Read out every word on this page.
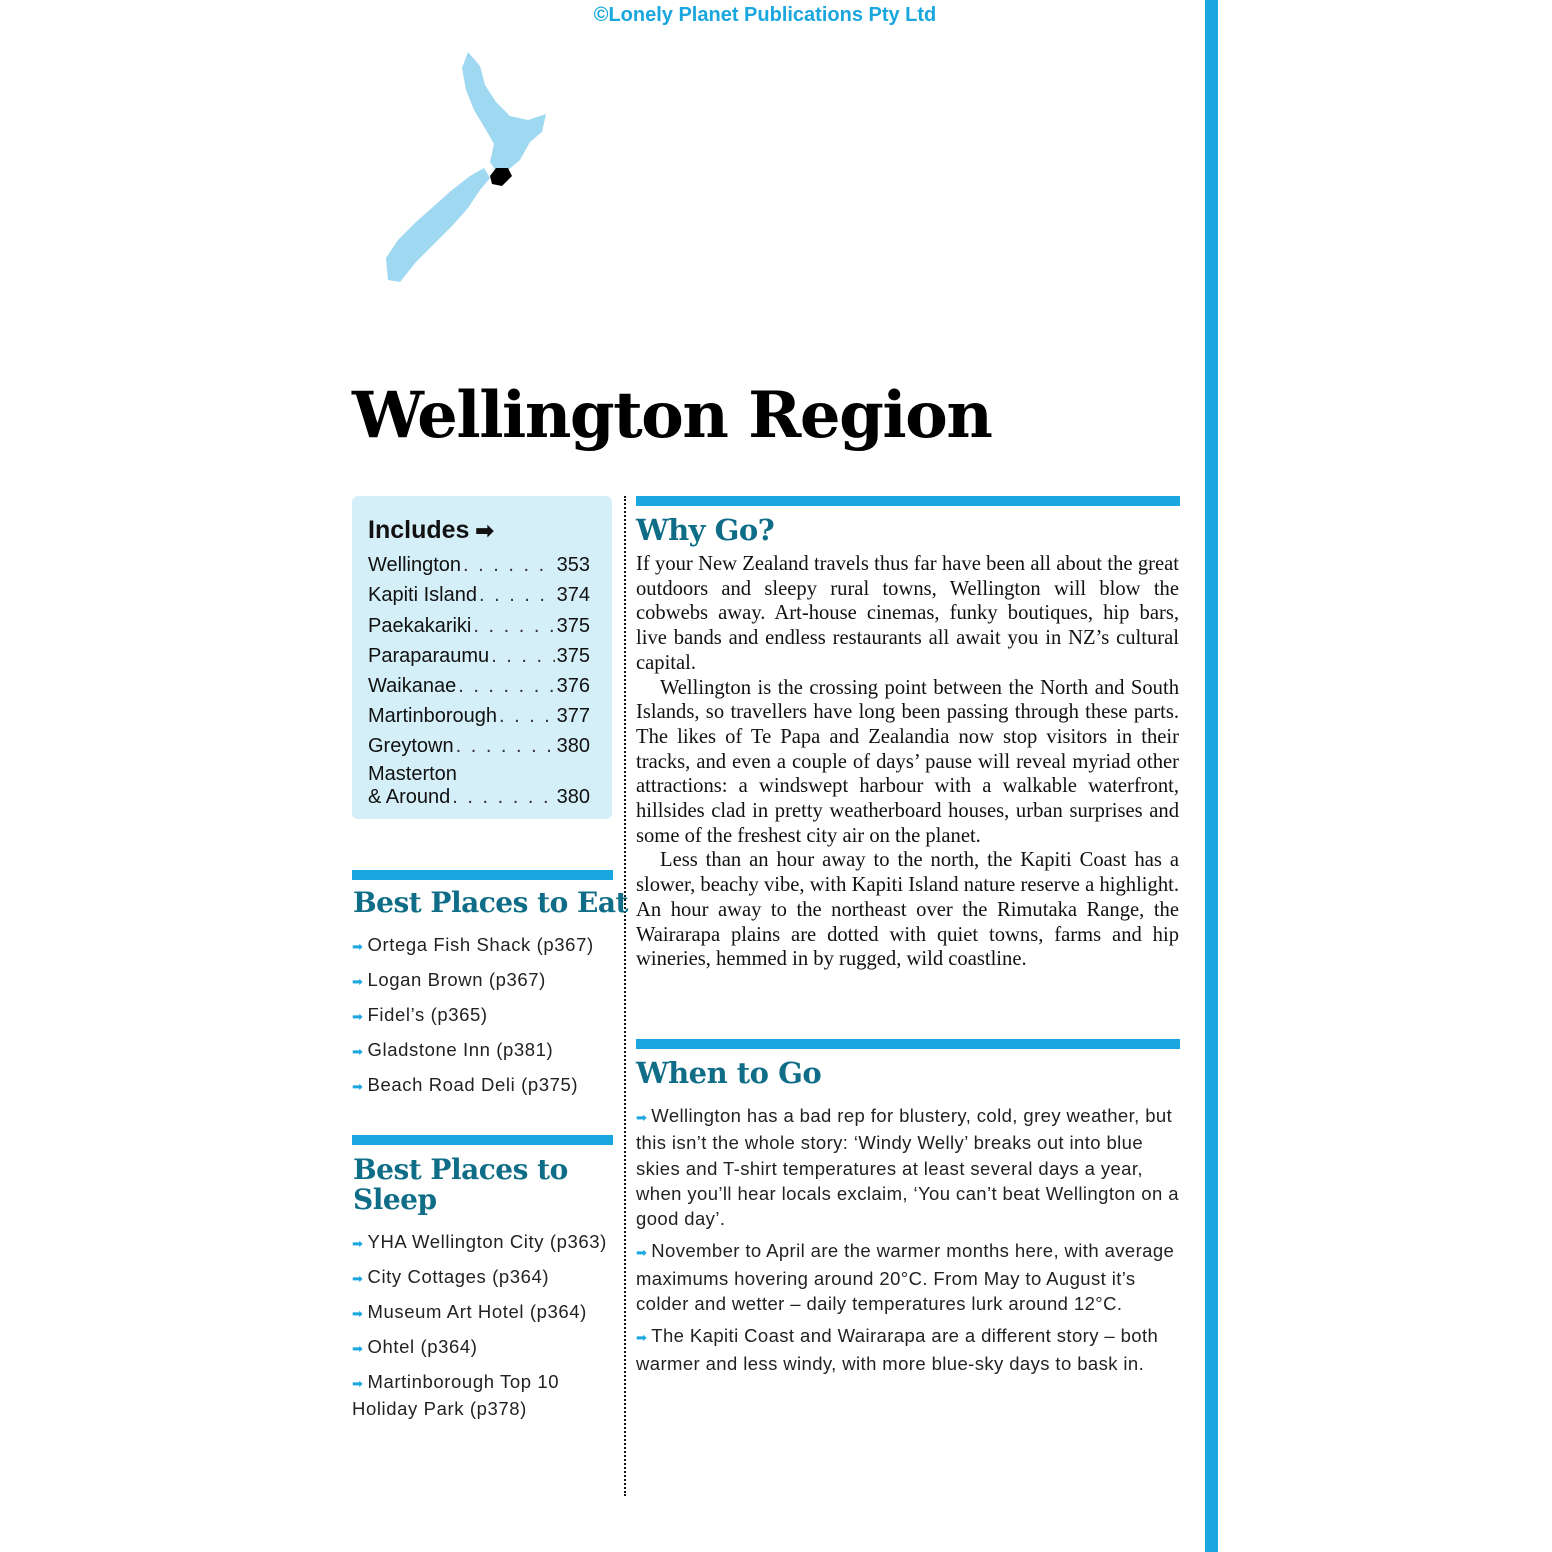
©Lonely Planet Publications Pty Ltd
Wellington Region
Includes ➡
Wellington . . .	353
Kapiti Island . . .	374
Paekakariki . . .	375
Paraparaumu . . .	375
Waikanae . . .	376
Martinborough . . .	377
Greytown . . .	380
Masterton
& Around . . .	380
Best Places to Eat
➡ Ortega Fish Shack (p367)
➡ Logan Brown (p367)
➡ Fidel’s (p365)
➡ Gladstone Inn (p381)
➡ Beach Road Deli (p375)
Best Places to
Sleep
➡ YHA Wellington City (p363)
➡ City Cottages (p364)
➡ Museum Art Hotel (p364)
➡ Ohtel (p364)
➡ Martinborough Top 10 Holiday Park (p378)
Why Go?

If your New Zealand travels thus far have been all about the great outdoors and sleepy rural towns, Wellington will blow the cobwebs away. Art-house cinemas, funky boutiques, hip bars, live bands and endless restaurants all await you in NZ’s cultural capital.

Wellington is the crossing point between the North and South Islands, so travellers have long been passing through these parts. The likes of Te Papa and Zealandia now stop visitors in their tracks, and even a couple of days’ pause will reveal myriad other attractions: a windswept harbour with a walkable waterfront, hillsides clad in pretty weatherboard houses, urban surprises and some of the freshest city air on the planet.

Less than an hour away to the north, the Kapiti Coast has a slower, beachy vibe, with Kapiti Island nature reserve a highlight. An hour away to the northeast over the Rimutaka Range, the Wairarapa plains are dotted with quiet towns, farms and hip wineries, hemmed in by rugged, wild coastline.

When to Go
➡ Wellington has a bad rep for blustery, cold, grey weather, but this isn’t the whole story: ‘Windy Welly’ breaks out into blue skies and T-shirt temperatures at least several days a year, when you’ll hear locals exclaim, ‘You can’t beat Wellington on a good day’.
➡ November to April are the warmer months here, with average maximums hovering around 20°C. From May to August it’s colder and wetter – daily temperatures lurk around 12°C.
➡ The Kapiti Coast and Wairarapa are a different story – both warmer and less windy, with more blue-sky days to bask in.
